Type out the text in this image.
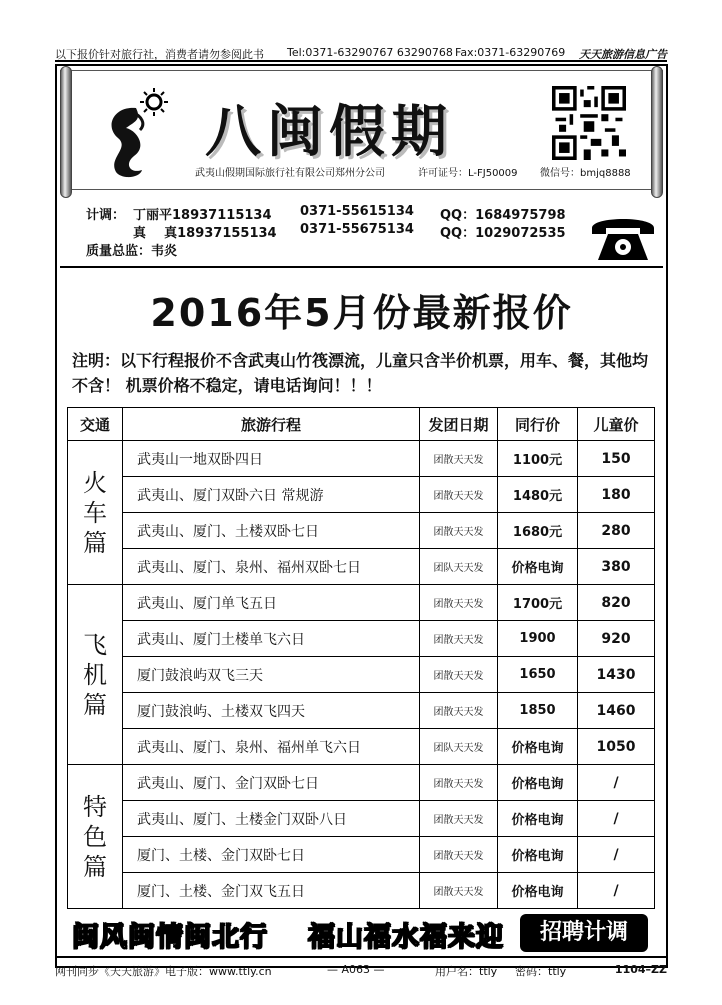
以下报价针对旅行社，消费者请勿参阅此书 Tel:0371-63290767 63290768 Fax:0371-63290769 天天旅游信息广告
八闽假期
武夷山假期国际旅行社有限公司郑州分公司	许可证号：L-FJ50009 微信号：bmjq8888
计调： 丁丽平18937115134 0371-55615134 QQ：1684975798
真    真18937155134 0371-55675134 QQ：1029072535
质量总监：韦炎
2016年5月份最新报价
注明：以下行程报价不含武夷山竹筏漂流，儿童只含半价机票，用车、餐，其他均不含！ 机票价格不稳定，请电话询问！！！
交通	旅游行程	发团日期	同行价	儿童价

火
车
篇	武夷山一地双卧四日	团散天天发	1100元	150
	武夷山、厦门双卧六日 常规游	团散天天发	1480元	180
	武夷山、厦门、土楼双卧七日	团散天天发	1680元	280
	武夷山、厦门、泉州、福州双卧七日	团队天天发	价格电询	380

飞
机
篇	武夷山、厦门单飞五日	团散天天发	1700元	820
	武夷山、厦门土楼单飞六日	团散天天发	1900	920
	厦门鼓浪屿双飞三天	团散天天发	1650	1430
	厦门鼓浪屿、土楼双飞四天	团散天天发	1850	1460
	武夷山、厦门、泉州、福州单飞六日	团队天天发	价格电询	1050

特
色
篇	武夷山、厦门、金门双卧七日	团散天天发	价格电询	/
	武夷山、厦门、土楼金门双卧八日	团散天天发	价格电询	/
	厦门、土楼、金门双卧七日	团散天天发	价格电询	/
	厦门、土楼、金门双飞五日	团散天天发	价格电询	/
闽风闽情闽北行 福山福水福来迎	招聘计调
网刊同步《天天旅游》电子版：www.ttly.cn	— A063 —	用户名：ttly 密码：ttly	1104–ZZ
